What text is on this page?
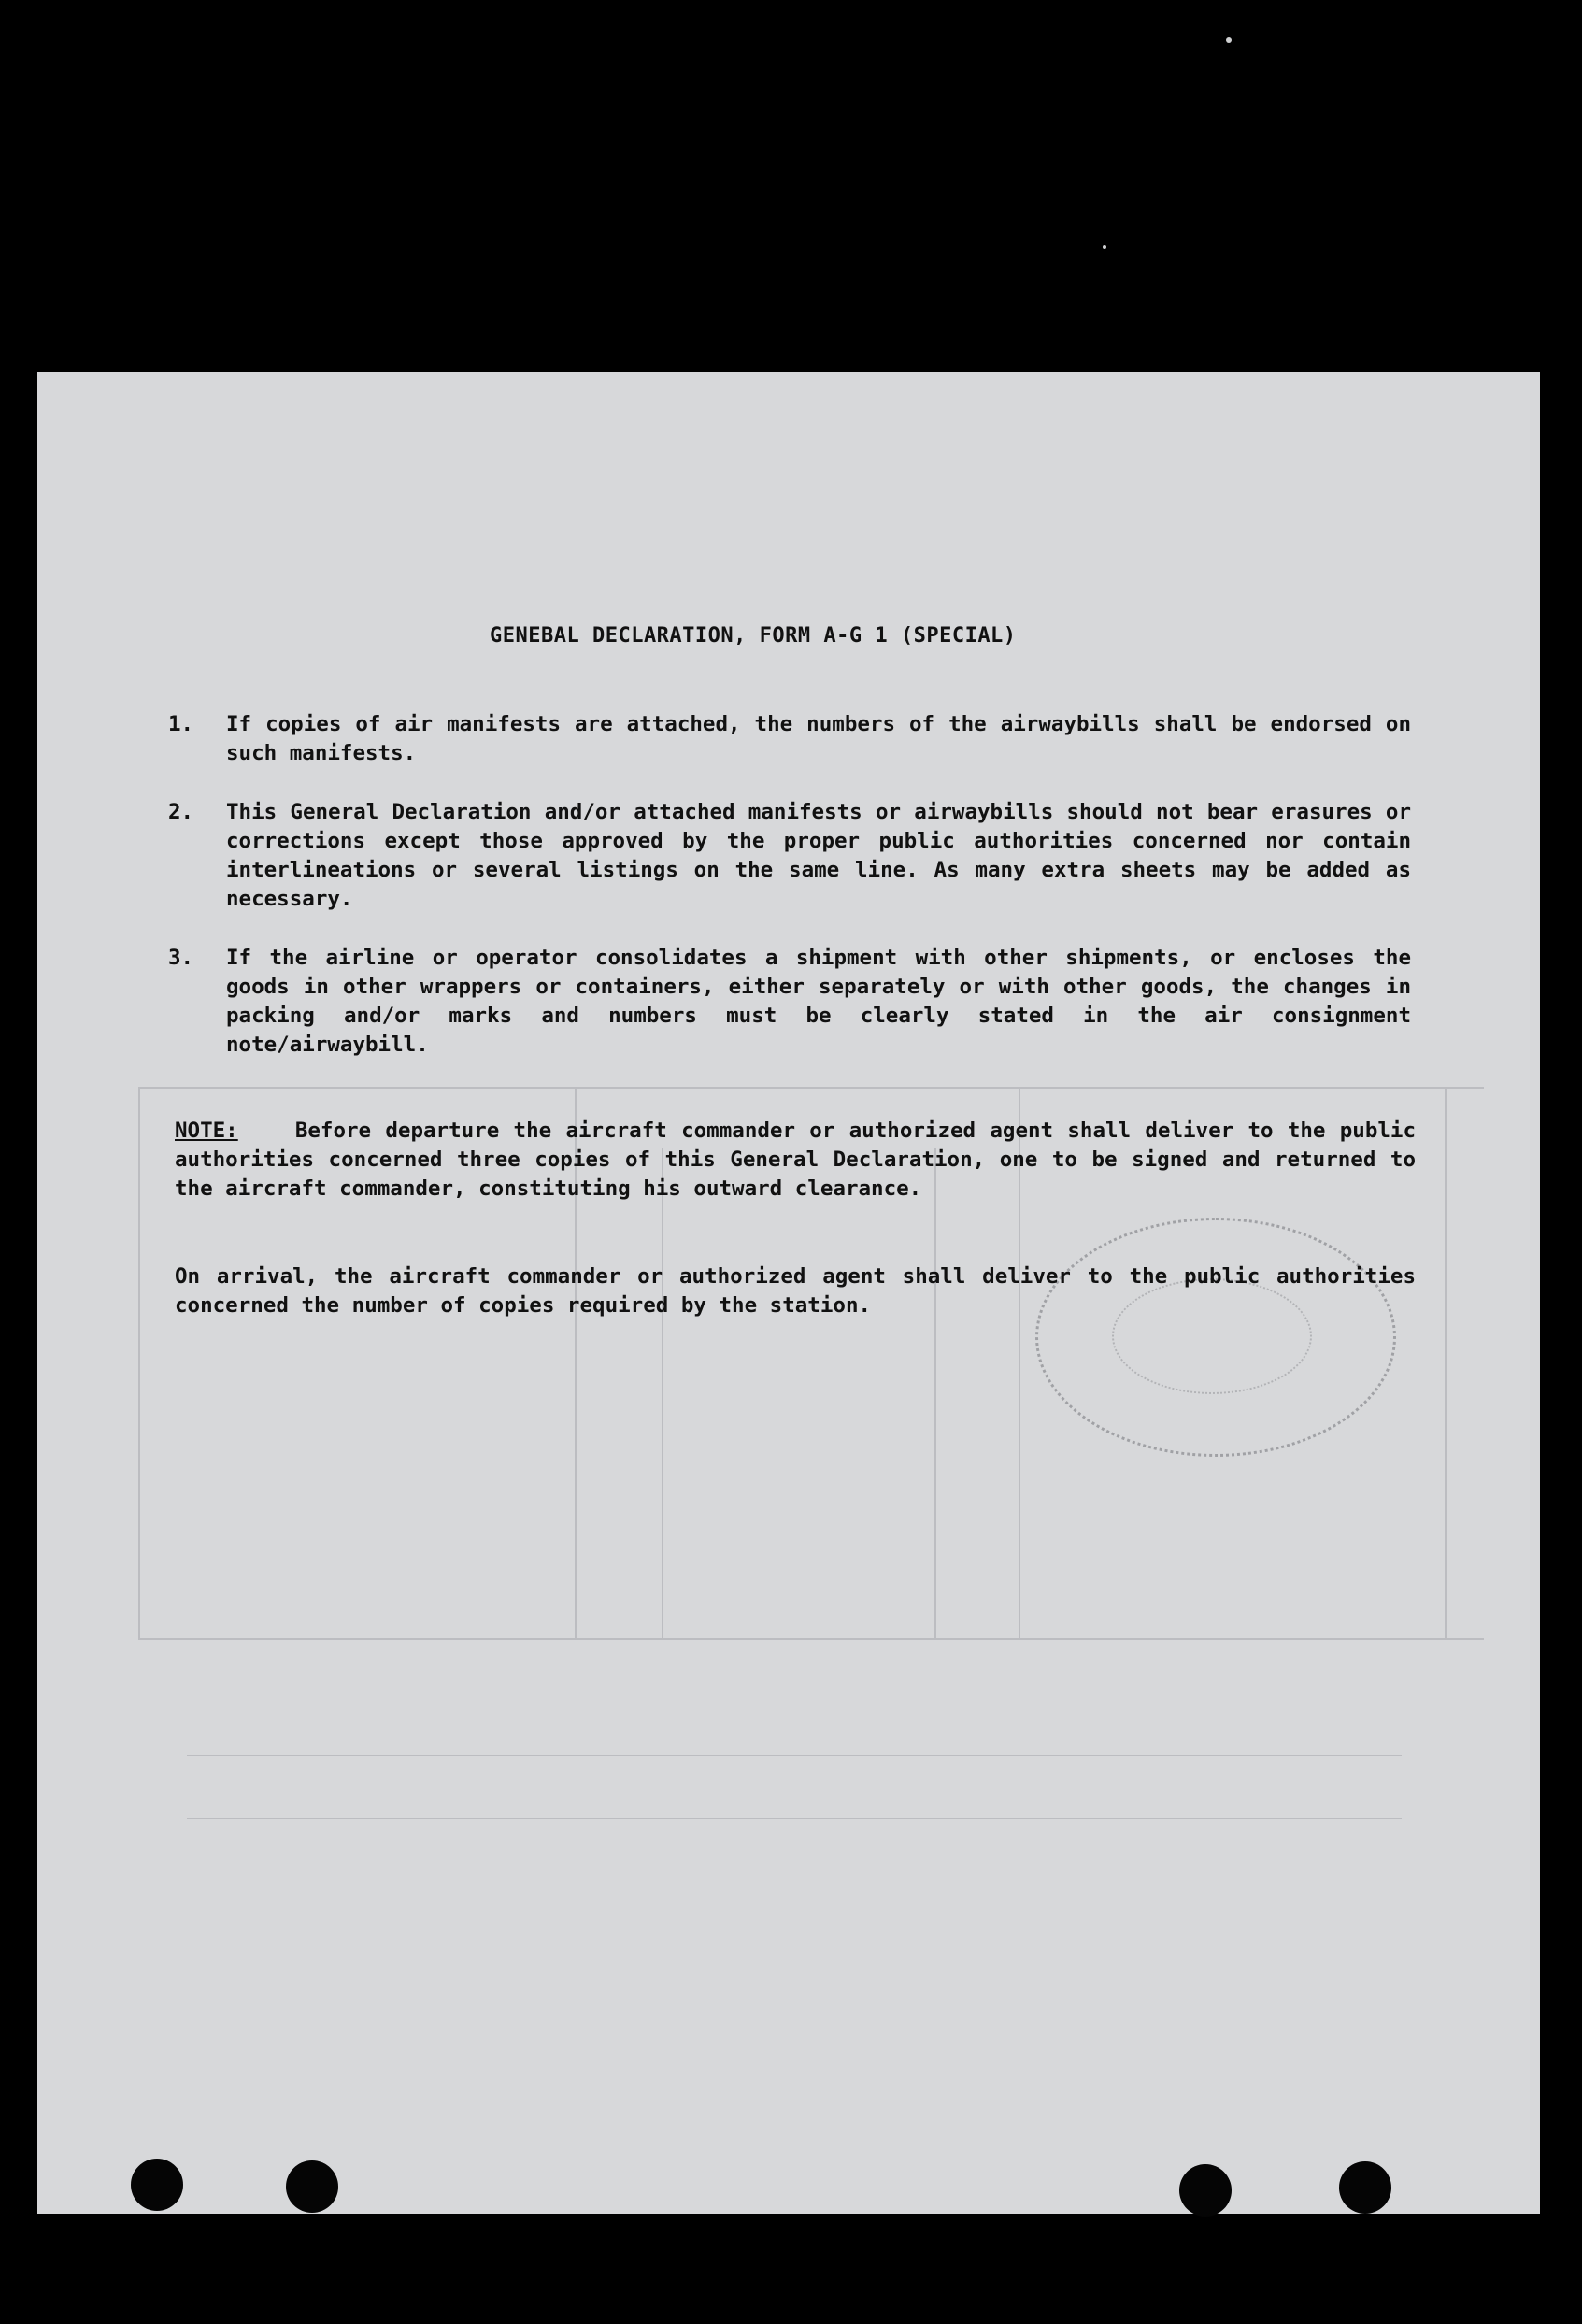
GENEBAL DECLARATION, FORM A-G 1 (SPECIAL)
1.	If copies of air manifests are attached, the numbers of the airwaybills shall be endorsed on such manifests.
2.	This General Declaration and/or attached manifests or airwaybills should not bear erasures or corrections except those approved by the proper public authorities concerned nor contain interlineations or several listings on the same line. As many extra sheets may be added as necessary.
3.	If the airline or operator consolidates a shipment with other shipments, or encloses the goods in other wrappers or containers, either separately or with other goods, the changes in packing and/or marks and numbers must be clearly stated in the air consignment note/airwaybill.
NOTE:	Before departure the aircraft commander or authorized agent shall deliver to the public authorities concerned three copies of this General Declaration, one to be signed and returned to the aircraft commander, constituting his outward clearance.
On arrival, the aircraft commander or authorized agent shall deliver to the public authorities concerned the number of copies required by the station.
